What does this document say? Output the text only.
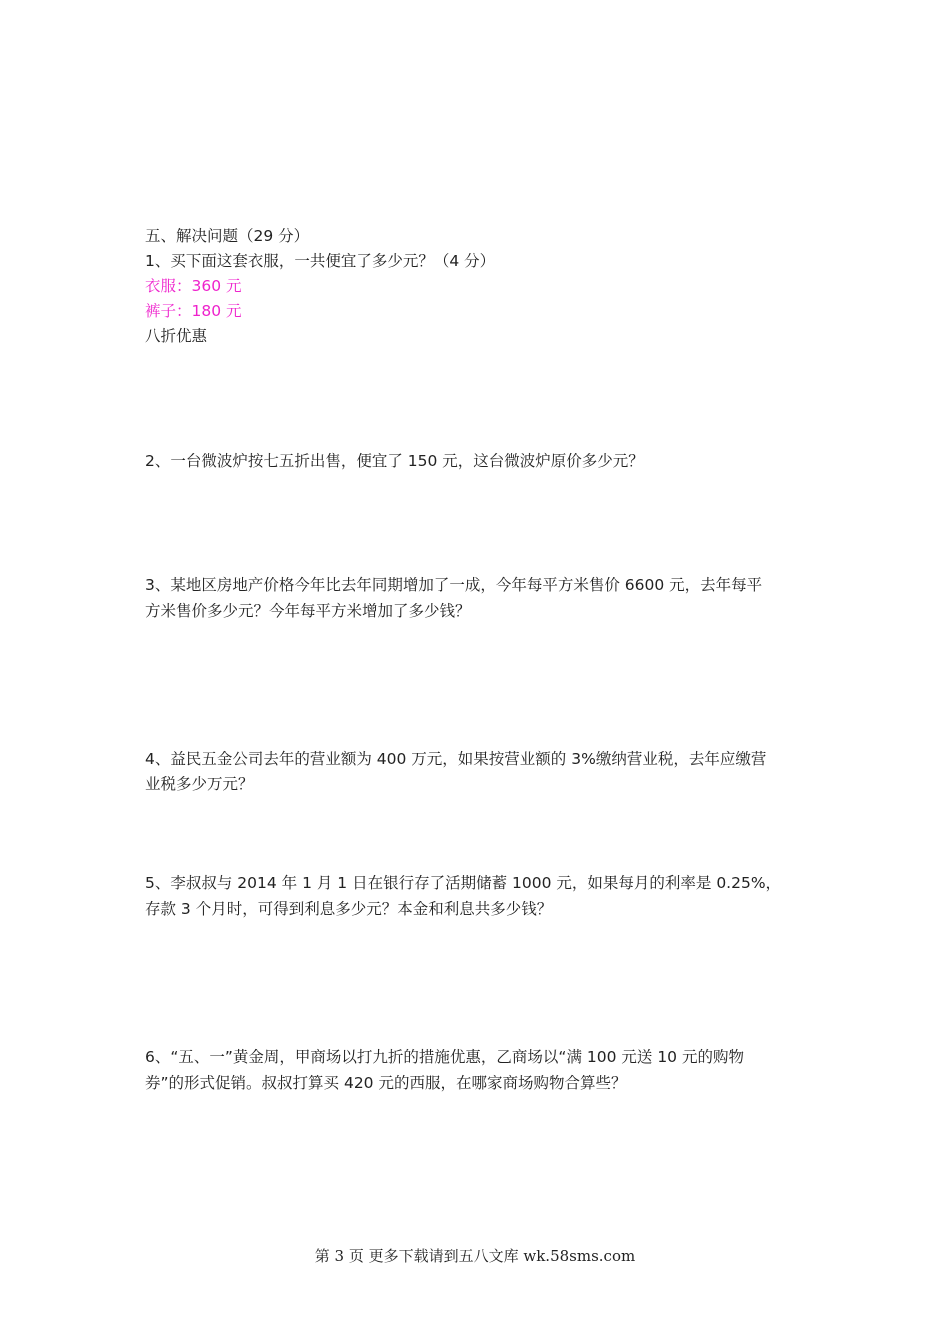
五、解决问题（29 分）
1、买下面这套衣服，一共便宜了多少元？（4 分）
衣服：360 元
裤子：180 元
八折优惠
2、一台微波炉按七五折出售，便宜了 150 元，这台微波炉原价多少元？
3、某地区房地产价格今年比去年同期增加了一成，今年每平方米售价 6600 元，去年每平
方米售价多少元？今年每平方米增加了多少钱？
4、益民五金公司去年的营业额为 400 万元，如果按营业额的 3%缴纳营业税，去年应缴营
业税多少万元？
5、李叔叔与 2014 年 1 月 1 日在银行存了活期储蓄 1000 元，如果每月的利率是 0.25%，
存款 3 个月时，可得到利息多少元？本金和利息共多少钱？
6、“五、一”黄金周，甲商场以打九折的措施优惠，乙商场以“满 100 元送 10 元的购物
券”的形式促销。叔叔打算买 420 元的西服，在哪家商场购物合算些？
第 3 页 更多下载请到五八文库 wk.58sms.com
